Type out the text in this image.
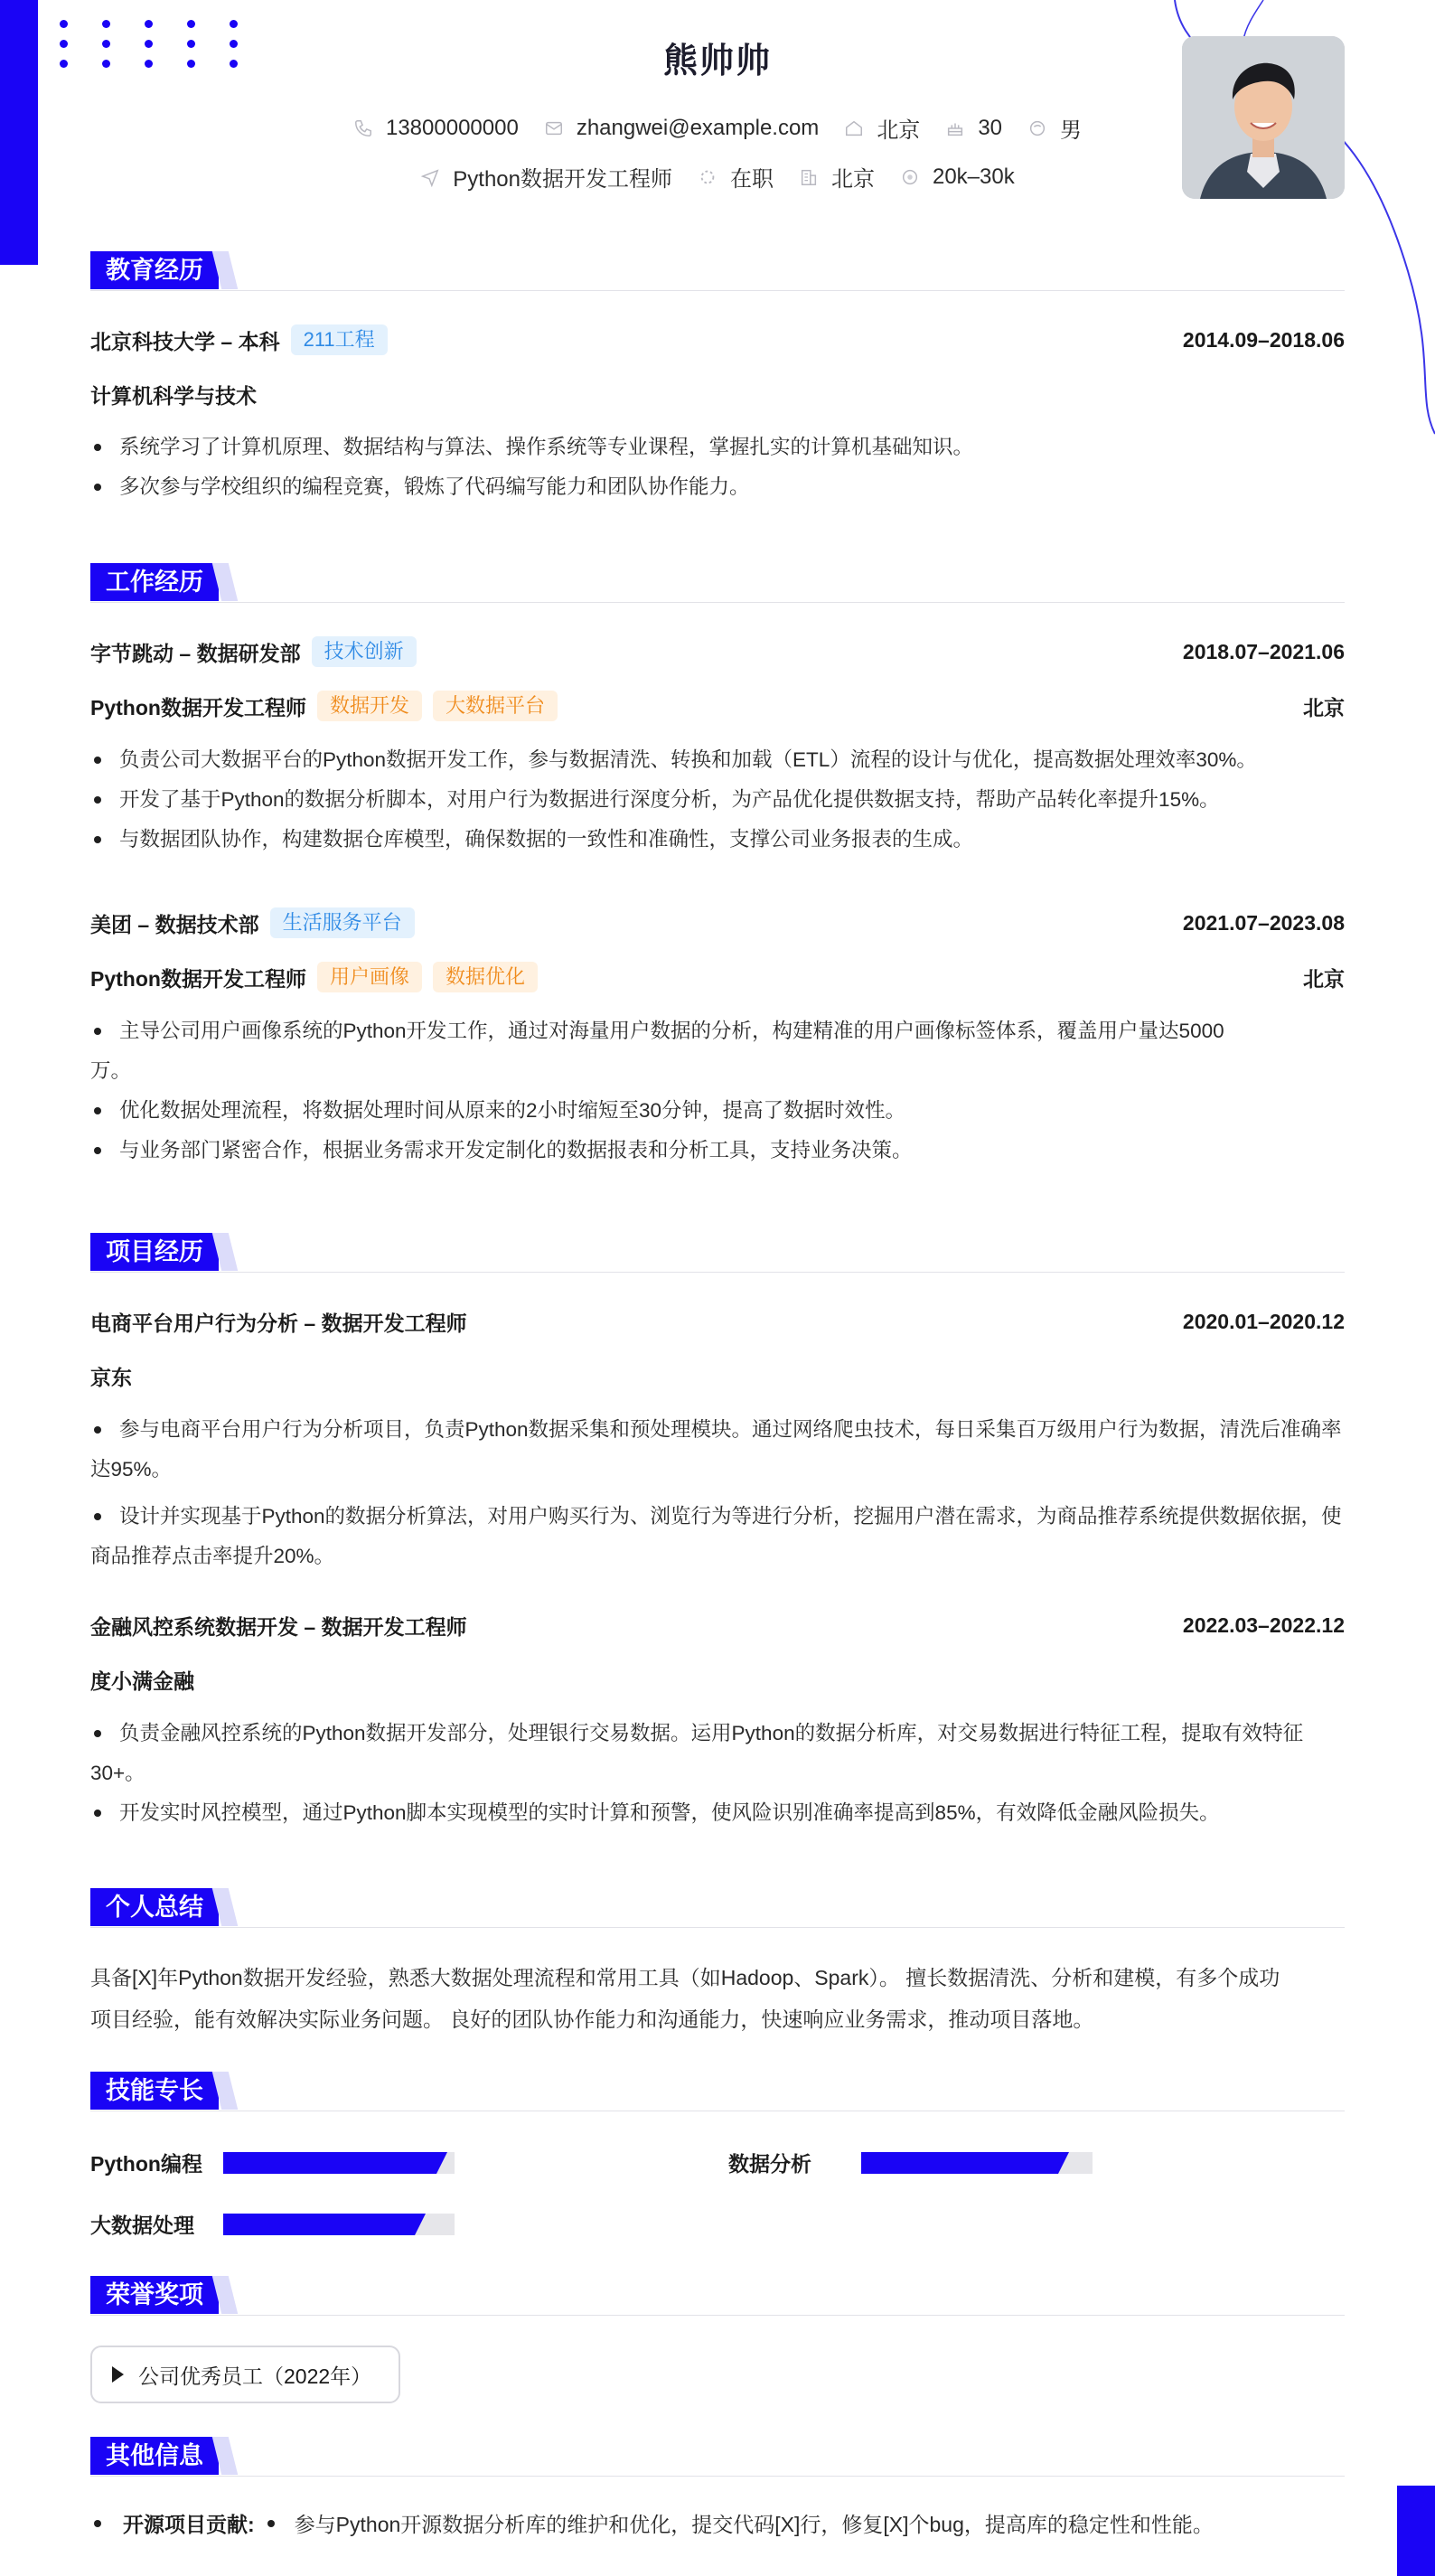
熊帅帅
13800000000	zhangwei@example.com	北京	30	男
Python数据开发工程师	在职	北京	20k–30k
教育经历
北京科技大学 – 本科	211工程	2014.09–2018.06
计算机科学与技术
系统学习了计算机原理、数据结构与算法、操作系统等专业课程，掌握扎实的计算机基础知识。
多次参与学校组织的编程竞赛，锻炼了代码编写能力和团队协作能力。
工作经历
字节跳动 – 数据研发部	技术创新	2018.07–2021.06
Python数据开发工程师	数据开发	大数据平台	北京
负责公司大数据平台的Python数据开发工作，参与数据清洗、转换和加载（ETL）流程的设计与优化，提高数据处理效率30%。
开发了基于Python的数据分析脚本，对用户行为数据进行深度分析，为产品优化提供数据支持，帮助产品转化率提升15%。
与数据团队协作，构建数据仓库模型，确保数据的一致性和准确性，支撑公司业务报表的生成。
美团 – 数据技术部	生活服务平台	2021.07–2023.08
Python数据开发工程师	用户画像	数据优化	北京
主导公司用户画像系统的Python开发工作，通过对海量用户数据的分析，构建精准的用户画像标签体系，覆盖用户量达5000
万。
优化数据处理流程，将数据处理时间从原来的2小时缩短至30分钟，提高了数据时效性。
与业务部门紧密合作，根据业务需求开发定制化的数据报表和分析工具，支持业务决策。
项目经历
电商平台用户行为分析 – 数据开发工程师	2020.01–2020.12
京东
参与电商平台用户行为分析项目，负责Python数据采集和预处理模块。通过网络爬虫技术，每日采集百万级用户行为数据，清洗后准确率达95%。
设计并实现基于Python的数据分析算法，对用户购买行为、浏览行为等进行分析，挖掘用户潜在需求，为商品推荐系统提供数据依据，使商品推荐点击率提升20%。
金融风控系统数据开发 – 数据开发工程师	2022.03–2022.12
度小满金融
负责金融风控系统的Python数据开发部分，处理银行交易数据。运用Python的数据分析库，对交易数据进行特征工程，提取有效特征30+。
开发实时风控模型，通过Python脚本实现模型的实时计算和预警，使风险识别准确率提高到85%，有效降低金融风险损失。
个人总结
具备[X]年Python数据开发经验，熟悉大数据处理流程和常用工具（如Hadoop、Spark）。 擅长数据清洗、分析和建模，有多个成功
项目经验，能有效解决实际业务问题。 良好的团队协作能力和沟通能力，快速响应业务需求，推动项目落地。
技能专长
Python编程	数据分析
大数据处理
荣誉奖项
公司优秀员工（2022年）
其他信息
开源项目贡献: 参与Python开源数据分析库的维护和优化，提交代码[X]行，修复[X]个bug，提高库的稳定性和性能。
